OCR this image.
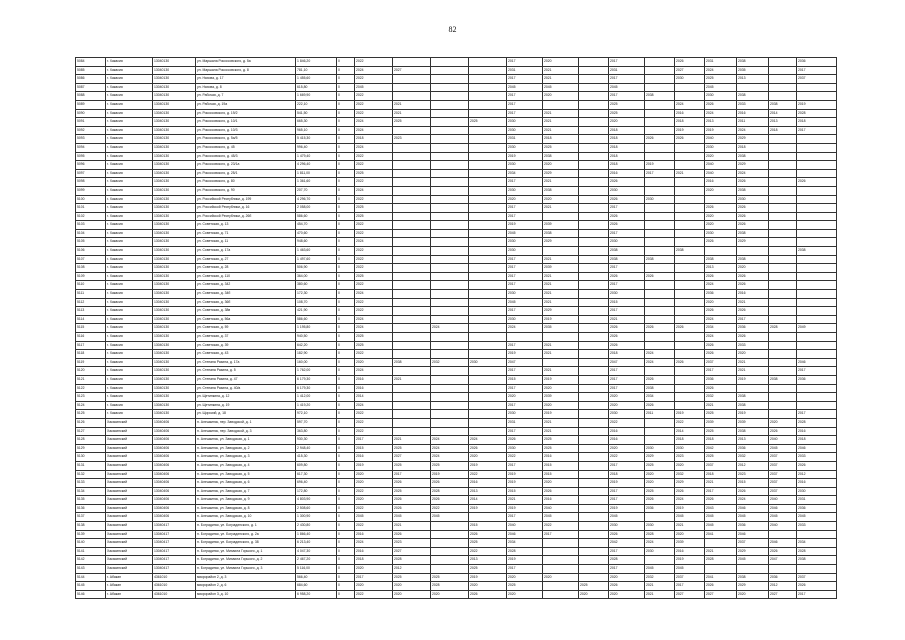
82
5084	г. Хакасия	13040130	ул. Маршала Рокоссовского, д. 5а	1 846,20	0	2022				2017	2020		2017		2026	2031	2038		2036
5085	г. Хакасия	13040130	ул. Маршала Рокоссовского, д. 8	781,10	0	2024	2027			2031	2021		2031		2027	2024	2035		2017
5086	г. Хакасия	13040130	ул. Нахова, д. 17	1 455,60	0	2022				2017	2021		2017		2030	2025	2013		2037
5087	г. Хакасия	13040130	ул. Нахова, д. 8	615,80	0	2045				2045	2045		2045			2045			
5088	г. Хакасия	13040130	ул. Рабочая, д. 7	1 669,90	0	2022				2017	2020		2017	2038		2030	2038		
5089	г. Хакасия	13040130	ул. Рабочая, д. 19а	222,10	0	2022	2021			2017			2025		2024	2026	2033	2038	2019
5090	г. Хакасия	13040130	ул. Рокоссовского, д. 19/2	541,50	0	2022	2021			2017	2021		2025		2016	2024	2016	2014	2028
5091	г. Хакасия	13040130	ул. Рокоссовского, д. 10/1	665,30	0	2024	2025		2025	2030	2021		2020		2018	2013	2011	2013	2018
5092	г. Хакасия	13040130	ул. Рокоссовского, д. 10/3	965,10	0	2024				2030	2021		2018		2019	2019	2024	2018	2017
5093	г. Хакасия	13040130	ул. Рокоссовского, д. 5а/5	5 415,30	0	2018	2023			2031	2018		2018	2026	2026	2040	2029		
5094	г. Хакасия	13040130	ул. Рокоссовского, д. 45	996,40	0	2024				2030	2025		2018			2030	2018		
5095	г. Хакасия	13040130	ул. Рокоссовского, д. 45/3	1 479,40	0	2022				2019	2038		2018			2020	2038		
5096	г. Хакасия	13040130	ул. Рокоссовского, д. 23/1а	4 296,40	0	2022				2030	2020		2018	2019		2040	2029		
5097	г. Хакасия	13040130	ул. Рокоссовского, д. 25/1	1 811,00	0	2025				2034	2029		2016	2017	2021	2040	2024		
5098	г. Хакасия	13040130	ул. Рокоссовского, д. 80	1 361,60	0	2022				2017	2021		2026			2016	2026		2026
5099	г. Хакасия	13040130	ул. Рокоссовского, д. 90	207,70	0	2024				2030	2038		2030			2020	2038		
5100	г. Хакасия	13040130	ул. Российской Республики, д. 199	4 296,70	0	2022				2020	2020		2026	2030			2030		
5101	г. Хакасия	13040130	ул. Российской Республики, д. 16	2 058,00	0	2025				2017	2021		2017			2026	2026		
5102	г. Хакасия	13040130	ул. Российской Республики, д. 26б	586,60	0	2025				2017			2026			2020	2026		
5103	г. Хакасия	13040130	ул. Советская, д. 13	454,70	0	2022				2019	2039		2026			2020	2026		
5104	г. Хакасия	13040130	ул. Советская, д. 71	470,60	0	2022				2045	2038		2017			2030	2038		
5105	г. Хакасия	13040130	ул. Советская, д. 11	948,60	0	2024				2030	2029		2030			2026	2029		
5106	г. Хакасия	13040130	ул. Советская, д. 17а	1 463,60	0	2022				2030			2038		2038				2038
5107	г. Хакасия	13040130	ул. Советская, д. 27	1 497,60	0	2022				2017	2021		2038	2038		2038	2038		
5108	г. Хакасия	13040130	ул. Советская, д. 28	506,90	0	2022				2017	2039		2017			2013	2020		
5109	г. Хакасия	13040130	ул. Советская, д. 110	364,00	0	2025				2017	2021		2026	2026		2026	2026		
5110	г. Хакасия	13040130	ул. Советская, д. 342	380,60	0	2022				2017	2021		2017			2024	2026		
5111	г. Хакасия	13040130	ул. Советская, д. 34б	172,30	0	2024				2030	2021		2030			2036	2016		
5112	г. Хакасия	13040130	ул. Советская, д. 36б	108,70	0	2022				2045	2021		2015			2020	2021		
5113	г. Хакасия	13040130	ул. Советская, д. 38в	421,90	0	2022				2017	2029		2017			2026	2026		
5114	г. Хакасия	13040130	ул. Советская, д. 56а	586,60	0	2024				2030	2019		2021			2024	2017		
5115	г. Хакасия	13040130	ул. Советская, д. 59	1 195,80	0	2024		2024		2024	2035		2026	2026	2026	2034	2036	2028	2049
5116	г. Хакасия	13040130	ул. Советская, д. 37	940,50	0	2025							2026			2024	2026		
5117	г. Хакасия	13040130	ул. Советская, д. 39	642,20	0	2025				2017	2021		2026			2026	2033		
5118	г. Хакасия	13040130	ул. Советская, д. 43	182,90	0	2022				2019	2021		2018	2024		2026	2020		
5119	г. Хакасия	13040130	ул. Степана Разина, д. 17а	160,00	0	2020	2038	2032	2030	2047			2047	2024	2026	2037	2021		2046
5120	г. Хакасия	13040130	ул. Степана Разина, д. 5	1 762,00	0	2024				2017	2021		2017			2017	2021		2017
5121	г. Хакасия	13040130	ул. Степана Разина, д. 47	6 179,30	0	2016	2021			2015	2019		2017	2026		2036	2019	2038	2036
5122	г. Хакасия	13040130	ул. Степана Разина, д. 40/а	6 179,30	0	2016				2017	2020		2017	2038		2026			
5123	г. Хакасия	13040130	ул. Щетинкина, д. 12	1 412,00	0	2014				2020	2039		2020	2034		2032	2038		
5124	г. Хакасия	13040130	ул. Щетинкина, д. 19	1 419,20	0	2024				2017	2020		2020	2026		2021	2038		
5125	г. Хакасия	13040130	ул. Щорский, д. 18	972,10	0	2022				2030	2019		2030	2011	2019	2025	2019		2017
5126	Хакасинский	13040406	п. Алешкинск, пер. Заводской, д. 1	597,70	0	2022				2031	2021		2022		2022	2039	2039	2020	2028
5127	Хакасинский	13040406	п. Алешкинск, пер. Заводской, д. 3	363,80	0	2022				2017	2021		2016		2014	2025	2038	2026	2016
5128	Хакасинский	13040406	п. Алешкинск, ул. Заводская, д. 1	930,30	0	2017	2021	2024	2024	2026	2025		2016		2018	2018	2013	2040	2018
5129	Хакасинский	13040406	п. Алешкинск, ул. Заводская, д. 2	2 948,40	0	2015	2025	2024	2026	2030	2025		2020	2030	2030	2042	2036	2045	2046
5130	Хакасинский	13040406	п. Алешкинск, ул. Заводская, д. 3	415,30	0	2016	2027	2024	2020	2022	2016		2022	2029	2023	2025	2032	2037	2033
5131	Хакасинский	13040406	п. Алешкинск, ул. Заводская, д. 4	609,80	0	2019	2025	2025	2019	2017	2015		2017	2025	2020	2037	2012	2037	2026
5132	Хакасинский	13040406	п. Алешкинск, ул. Заводская, д. 5	617,30	0	2020	2017	2019	2022	2019	2015		2018	2020	2032	2018	2023	2037	2012
5133	Хакасинский	13040406	п. Алешкинск, ул. Заводская, д. 6	696,40	0	2020	2026	2026	2016	2019	2020		2019	2020	2029	2021	2015	2037	2016
5134	Хакасинский	13040406	п. Алешкинск, ул. Заводская, д. 7	172,80	0	2022	2025	2028	2013	2015	2026		2017	2025	2026	2017	2026	2037	2030
5135	Хакасинский	13040406	п. Алешкинск, ул. Заводская, д. 9	4 803,90	0	2020	2026	2026	2014	2021	2016		2017	2026	2024	2026	2024	2040	2031
5136	Хакасинский	13040406	п. Алешкинск, ул. Заводская, д. 8	2 508,60	0	2022	2026	2022	2019	2019	2040		2019	2036	2019	2043	2046	2046	2036
5137	Хакасинский	13040406	п. Алешкинск, ул. Заводская, д. 10	1 300,90	0	2045	2045	2045		2017	2045		2045		2045	2045	2045	2045	2045
5138	Хакасинский	13040417	п. Боградинск, ул. Боградинского, д. 1	2 430,80	0	2022	2021		2015	2040	2022		2030	2030	2021	2045	2036	2040	2033
5139	Хакасинский	13040417	п. Боградинск, ул. Боградинского, д. 2а	1 866,40	0	2016	2026		2026	2046	2017		2026	2028	2020	2041	2046		
5140	Хакасинский	13040417	п. Боградинск, ул. Боградинского, д. 38	6 213,40	0	2024	2023		2025	2034			2042	2024	2039		2037	2046	2034
5141	Хакасинский	13040417	п. Боградинск, ул. Михаила Горького, д. 1	4 047,30	0	2016	2027		2022	2028			2017	2030	2016	2021	2029	2026	2028
5142	Хакасинский	13040417	п. Боградинск, ул. Михаила Горького, д. 2	2 467,20	0	2018	2028		2013	2019			2028		2019	2028	2045	2047	2038
5143	Хакасинский	13040417	п. Боградинск, ул. Михаила Горького, д. 3	5 116,00	0	2020	2012		2025	2017			2017	2045	2045				
5144	г. Абакан	4361010	микрорайон 2, д. 3	566,40	0	2017	2025	2025	2019	2020	2020		2020	2032	2037	2041	2038	2036	2037
5145	г. Абакан	4361010	микрорайон 2, д. 6	684,60	0	2020	2020	2028	2020	2025		2025	2026	2021	2017	2026	2029	2012	2026
5146	г. Абакан	4361010	микрорайон 3, д. 10	6 958,20	0	2022	2020	2020	2026	2020		2020	2020	2021	2027	2027	2020	2027	2017
